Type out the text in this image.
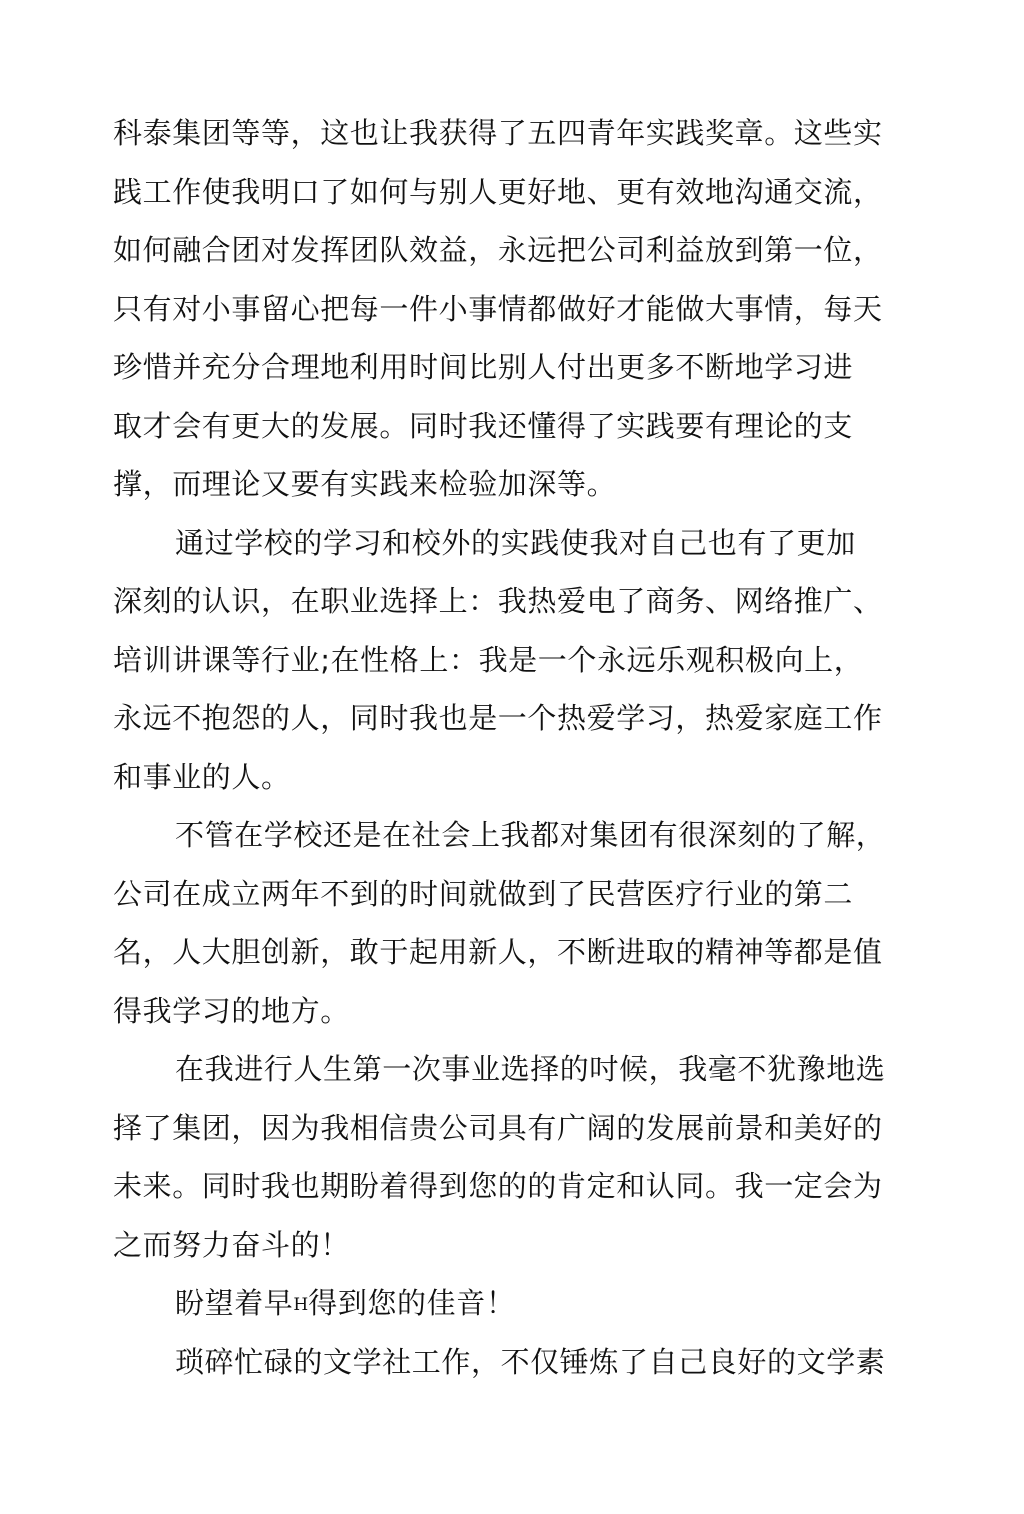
科泰集团等等，这也让我获得了五四青年实践奖章。这些实
践工作使我明口了如何与别人更好地、更有效地沟通交流，
如何融合团对发挥团队效益，永远把公司利益放到第一位，
只有对小事留心把每一件小事情都做好才能做大事情，每天
珍惜并充分合理地利用时间比别人付出更多不断地学习进
取才会有更大的发展。同时我还懂得了实践要有理论的支
撑，而理论又要有实践来检验加深等。
通过学校的学习和校外的实践使我对自己也有了更加
深刻的认识，在职业选择上：我热爱电了商务、网络推广、
培训讲课等行业;在性格上：我是一个永远乐观积极向上，
永远不抱怨的人，同时我也是一个热爱学习，热爱家庭工作
和事业的人。
不管在学校还是在社会上我都对集团有很深刻的了解，
公司在成立两年不到的时间就做到了民营医疗行业的第二
名，人大胆创新，敢于起用新人，不断进取的精神等都是值
得我学习的地方。
在我进行人生第一次事业选择的吋候，我毫不犹豫地选
择了集团，因为我相信贵公司具有广阔的发展前景和美好的
未来。同时我也期盼着得到您的的肯定和认同。我一定会为
之而努力奋斗的！
盼望着早H得到您的佳音！
琐碎忙碌的文学社工作，不仅锤炼了自己良好的文学素
